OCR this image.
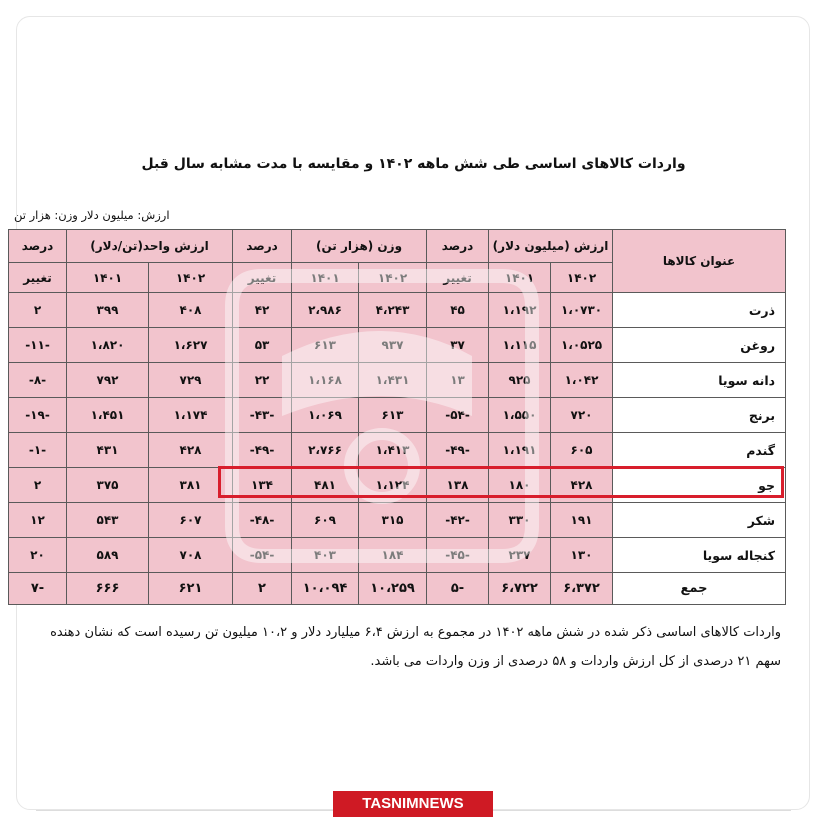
واردات کالاهای اساسی طی شش ماهه ۱۴۰۲ و مقایسه با مدت مشابه سال قبل
ارزش: میلیون دلار وزن: هزار تن
عنوان کالاها	ارزش (میلیون دلار)		درصد	وزن (هزار تن)		درصد	ارزش واحد(تن/دلار)		درصد
	۱۴۰۲	۱۴۰۱	تغییر	۱۴۰۲	۱۴۰۱	تغییر	۱۴۰۲	۱۴۰۱	تغییر
ذرت	۱،۰۷۳۰	۱،۱۹۲	۴۵	۴،۲۴۳	۲،۹۸۶	۴۲	۴۰۸	۳۹۹	۲
روغن	۱،۰۵۲۵	۱،۱۱۵	۳۷	۹۳۷	۶۱۳	۵۳	۱،۶۲۷	۱،۸۲۰	-۱۱-
دانه سویا	۱،۰۴۲	۹۲۵	۱۳	۱،۴۳۱	۱،۱۶۸	۲۲	۷۲۹	۷۹۲	-۸-
برنج	۷۲۰	۱،۵۵۰	-۵۴-	۶۱۳	۱،۰۶۹	-۴۳-	۱،۱۷۴	۱،۴۵۱	-۱۹-
گندم	۶۰۵	۱،۱۹۱	-۴۹-	۱،۴۱۳	۲،۷۶۶	-۴۹-	۴۲۸	۴۳۱	-۱-
جو	۴۲۸	۱۸۰	۱۳۸	۱،۱۲۴	۴۸۱	۱۳۴	۳۸۱	۳۷۵	۲
شکر	۱۹۱	۳۳۰	-۴۲-	۳۱۵	۶۰۹	-۴۸-	۶۰۷	۵۴۳	۱۲
کنجاله سویا	۱۳۰	۲۳۷	-۴۵-	۱۸۴	۴۰۳	-۵۴-	۷۰۸	۵۸۹	۲۰
جمع	۶،۳۷۲	۶،۷۲۲	-۵	۱۰،۲۵۹	۱۰،۰۹۴	۲	۶۲۱	۶۶۶	-۷
واردات کالاهای اساسی ذکر شده در شش ماهه ۱۴۰۲ در مجموع به ارزش ۶،۴ میلیارد دلار و ۱۰،۲ میلیون تن رسیده است که نشان دهنده سهم ۲۱ درصدی از کل ارزش واردات و ۵۸ درصدی از وزن واردات می باشد.
TASNIMNEWS
